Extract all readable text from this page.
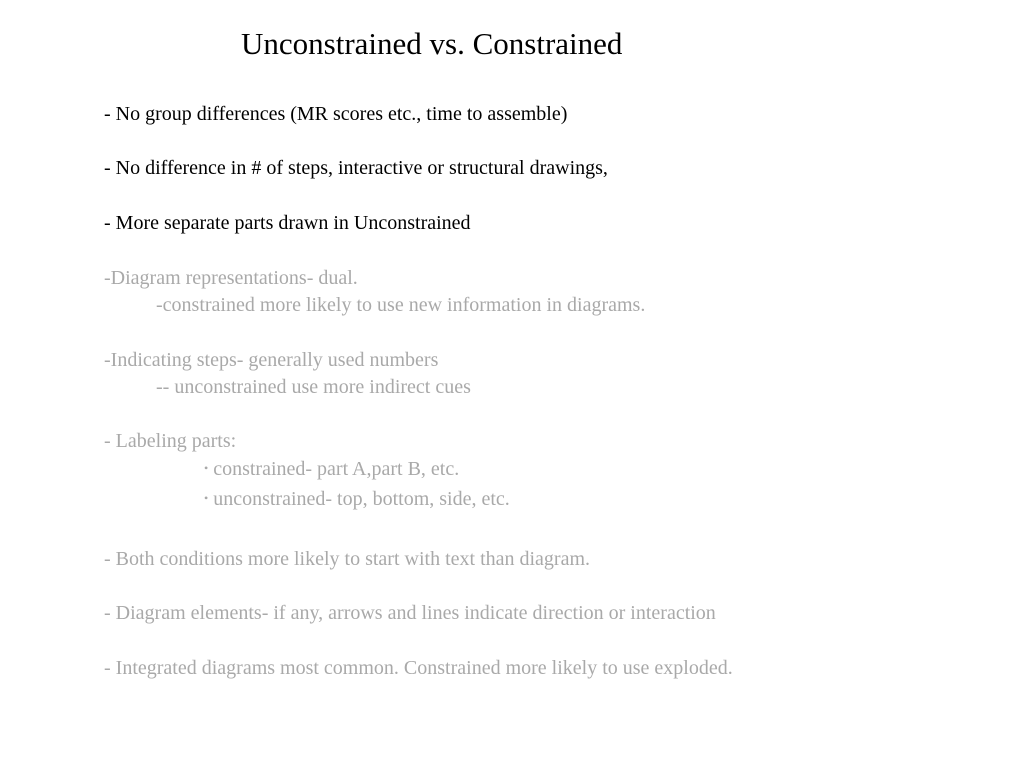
Unconstrained vs. Constrained
- No group differences (MR scores etc., time to assemble)
- No difference in # of steps, interactive or structural drawings,
- More separate parts drawn in Unconstrained
-Diagram representations- dual.
-constrained more likely to use new information in diagrams.
-Indicating steps- generally used numbers
-- unconstrained use more indirect cues
- Labeling parts:
• constrained- part A,part B, etc.
• unconstrained- top, bottom, side, etc.
- Both conditions more likely to start with text than diagram.
- Diagram elements- if any, arrows and lines indicate direction or interaction
- Integrated diagrams most common. Constrained more likely to use exploded.
